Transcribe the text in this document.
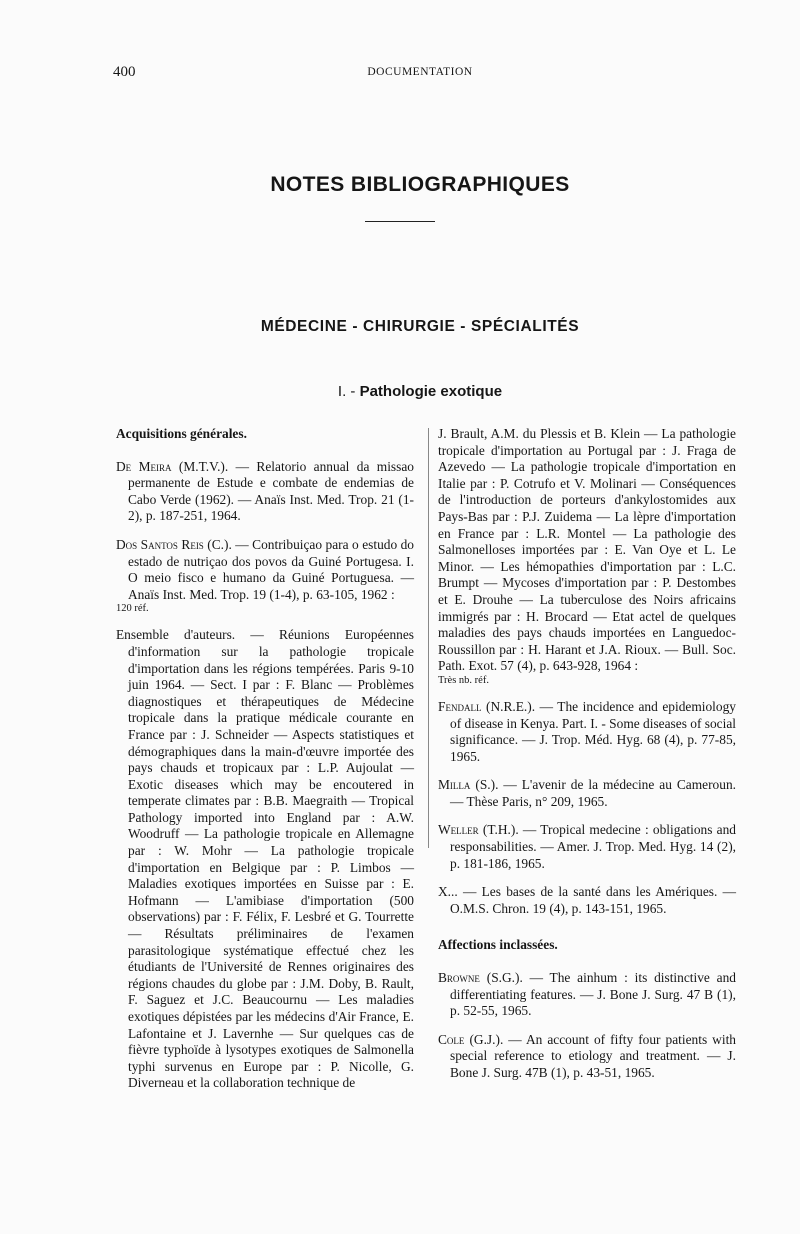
400	DOCUMENTATION
NOTES BIBLIOGRAPHIQUES
MÉDECINE - CHIRURGIE - SPÉCIALITÉS
I. - Pathologie exotique

Acquisitions générales.

De Meira (M.T.V.). — Relatorio annual da missao permanente de Estude e combate de endemias de Cabo Verde (1962). — Anaïs Inst. Med. Trop. 21 (1-2), p. 187-251, 1964.

Dos Santos Reis (C.). — Contribuiçao para o estudo do estado de nutriçao dos povos da Guiné Portugesa. I. O meio fisco e humano da Guiné Portuguesa. — Anaïs Inst. Med. Trop. 19 (1-4), p. 63-105, 1962 :
120 réf.

Ensemble d'auteurs. — Réunions Européennes d'information sur la pathologie tropicale d'importation dans les régions tempérées. Paris 9-10 juin 1964. — Sect. I par : F. Blanc — Problèmes diagnostiques et thérapeutiques de Médecine tropicale dans la pratique médicale courante en France par : J. Schneider — Aspects statistiques et démographiques dans la main-d'œuvre importée des pays chauds et tropicaux par : L.P. Aujoulat — Exotic diseases which may be encoutered in temperate climates par : B.B. Maegraith — Tropical Pathology imported into England par : A.W. Woodruff — La pathologie tropicale en Allemagne par : W. Mohr — La pathologie tropicale d'importation en Belgique par : P. Limbos — Maladies exotiques importées en Suisse par : E. Hofmann — L'amibiase d'importation (500 observations) par : F. Félix, F. Lesbré et G. Tourrette — Résultats préliminaires de l'examen parasitologique systématique effectué chez les étudiants de l'Université de Rennes originaires des régions chaudes du globe par : J.M. Doby, B. Rault, F. Saguez et J.C. Beaucournu — Les maladies exotiques dépistées par les médecins d'Air France, E. Lafontaine et J. Lavernhe — Sur quelques cas de fièvre typhoïde à lysotypes exotiques de Salmonella typhi survenus en Europe par : P. Nicolle, G. Diverneau et la collaboration technique de

J. Brault, A.M. du Plessis et B. Klein — La pathologie tropicale d'importation au Portugal par : J. Fraga de Azevedo — La pathologie tropicale d'importation en Italie par : P. Cotrufo et V. Molinari — Conséquences de l'introduction de porteurs d'ankylostomides aux Pays-Bas par : P.J. Zuidema — La lèpre d'importation en France par : L.R. Montel — La pathologie des Salmonelloses importées par : E. Van Oye et L. Le Minor. — Les hémopathies d'importation par : L.C. Brumpt — Mycoses d'importation par : P. Destombes et E. Drouhe — La tuberculose des Noirs africains immigrés par : H. Brocard — Etat actel de quelques maladies des pays chauds importées en Languedoc-Roussillon par : H. Harant et J.A. Rioux. — Bull. Soc. Path. Exot. 57 (4), p. 643-928, 1964 :
Très nb. réf.

Fendall (N.R.E.). — The incidence and epidemiology of disease in Kenya. Part. I. - Some diseases of social significance. — J. Trop. Méd. Hyg. 68 (4), p. 77-85, 1965.

Milla (S.). — L'avenir de la médecine au Cameroun. — Thèse Paris, n° 209, 1965.

Weller (T.H.). — Tropical medecine : obligations and responsabilities. — Amer. J. Trop. Med. Hyg. 14 (2), p. 181-186, 1965.

X... — Les bases de la santé dans les Amériques. — O.M.S. Chron. 19 (4), p. 143-151, 1965.

Affections inclassées.

Browne (S.G.). — The ainhum : its distinctive and differentiating features. — J. Bone J. Surg. 47 B (1), p. 52-55, 1965.

Cole (G.J.). — An account of fifty four patients with special reference to etiology and treatment. — J. Bone J. Surg. 47B (1), p. 43-51, 1965.
